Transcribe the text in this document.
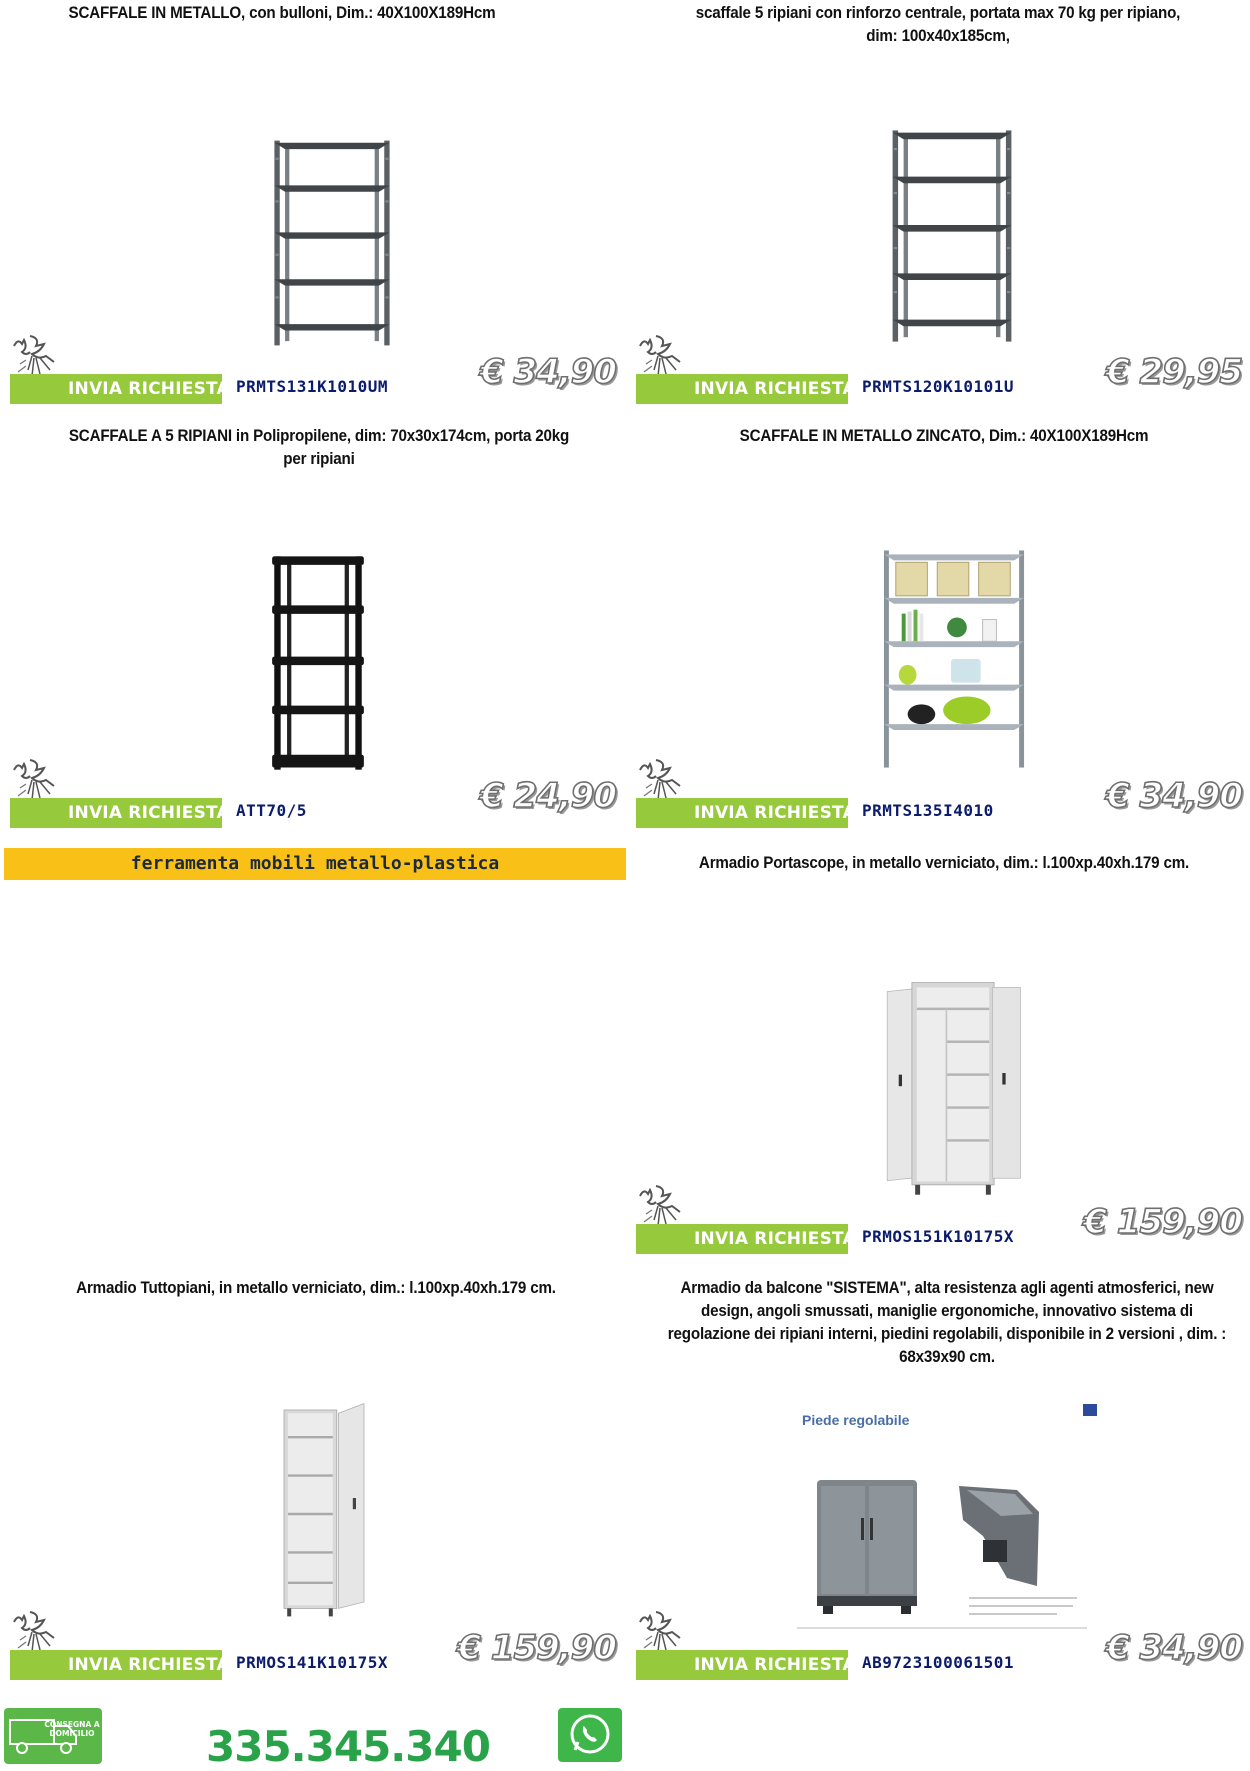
SCAFFALE IN METALLO, con bulloni, Dim.: 40X100X189Hcm
INVIA RICHIESTA PRMTS131K1010UM	€ 34,90
scaffale 5 ripiani con rinforzo centrale, portata max 70 kg per ripiano, dim: 100x40x185cm,
INVIA RICHIESTA PRMTS120K10101U	€ 29,95
SCAFFALE A 5 RIPIANI in Polipropilene, dim: 70x30x174cm, porta 20kg per ripiani
INVIA RICHIESTA ATT70/5	€ 24,90
SCAFFALE IN METALLO ZINCATO, Dim.: 40X100X189Hcm
INVIA RICHIESTA PRMTS135I4010	€ 34,90
ferramenta mobili metallo-plastica	Armadio Portascope, in metallo verniciato, dim.: l.100xp.40xh.179 cm.
INVIA RICHIESTA PRMOS151K10175X	€ 159,90
Armadio Tuttopiani, in metallo verniciato, dim.: l.100xp.40xh.179 cm.
INVIA RICHIESTA PRMOS141K10175X	€ 159,90
Armadio da balcone "SISTEMA", alta resistenza agli agenti atmosferici, new design, angoli smussati, maniglie ergonomiche, innovativo sistema di regolazione dei ripiani interni, piedini regolabili, disponibile in 2 versioni , dim. : 68x39x90 cm.
Piede regolabile
INVIA RICHIESTA AB9723100061501	€ 34,90
CONSEGNA A DOMICILIO	335.345.340
